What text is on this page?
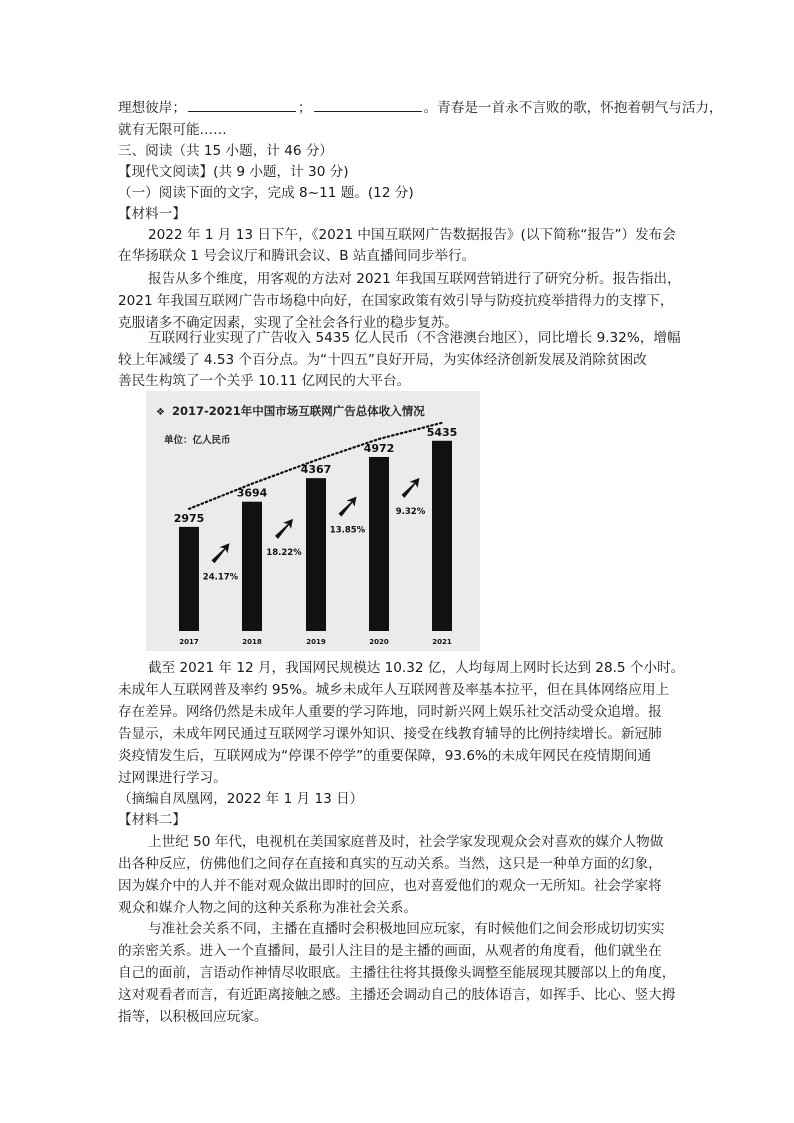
理想彼岸；	；	。青春是一首永不言败的歌，怀抱着朝气与活力，
就有无限可能……
三、阅读（共 15 小题，计 46 分）
【现代文阅读】(共 9 小题，计 30 分)
（一）阅读下面的文字，完成 8~11 题。(12 分)
【材料一】
2022 年 1 月 13 日下午，《2021 中国互联网广告数据报告》(以下简称“报告”）发布会
在华扬联众 1 号会议厅和腾讯会议、B 站直播间同步举行。
报告从多个维度，用客观的方法对 2021 年我国互联网营销进行了研究分析。报告指出，
2021 年我国互联网广告市场稳中向好，在国家政策有效引导与防疫抗疫举措得力的支撑下，
克服诸多不确定因素，实现了全社会各行业的稳步复苏。
互联网行业实现了广告收入 5435 亿人民币（不含港澳台地区），同比增长 9.32%，增幅
较上年减缓了 4.53 个百分点。为“十四五”良好开局，为实体经济创新发展及消除贫困改
善民生构筑了一个关乎 10.11 亿网民的大平台。
❖ 2017-2021年中国市场互联网广告总体收入情况
单位：亿人民币
2975
2017
3694
2018
4367
2019
4972
2020
5435
2021
24.17%
18.22%
13.85%
9.32%
截至 2021 年 12 月，我国网民规模达 10.32 亿，人均每周上网时长达到 28.5 个小时。
未成年人互联网普及率约 95%。城乡未成年人互联网普及率基本拉平，但在具体网络应用上
存在差异。网络仍然是未成年人重要的学习阵地，同时新兴网上娱乐社交活动受众追增。报
告显示，未成年网民通过互联网学习课外知识、接受在线教育辅导的比例持续增长。新冠肺
炎疫情发生后，互联网成为“停课不停学”的重要保障，93.6%的未成年网民在疫情期间通
过网课进行学习。
（摘编自凤凰网，2022 年 1 月 13 日）
【材料二】
上世纪 50 年代，电视机在美国家庭普及时，社会学家发现观众会对喜欢的媒介人物做
出各种反应，仿佛他们之间存在直接和真实的互动关系。当然，这只是一种单方面的幻象，
因为媒介中的人并不能对观众做出即时的回应，也对喜爱他们的观众一无所知。社会学家将
观众和媒介人物之间的这种关系称为准社会关系。
与准社会关系不同，主播在直播时会积极地回应玩家，有时候他们之间会形成切切实实
的亲密关系。进入一个直播间，最引人注目的是主播的画面，从观者的角度看，他们就坐在
自己的面前，言语动作神情尽收眼底。主播往往将其摄像头调整至能展现其腰部以上的角度，
这对观看者而言，有近距离接触之感。主播还会调动自己的肢体语言，如挥手、比心、竖大拇
指等，以积极回应玩家。
